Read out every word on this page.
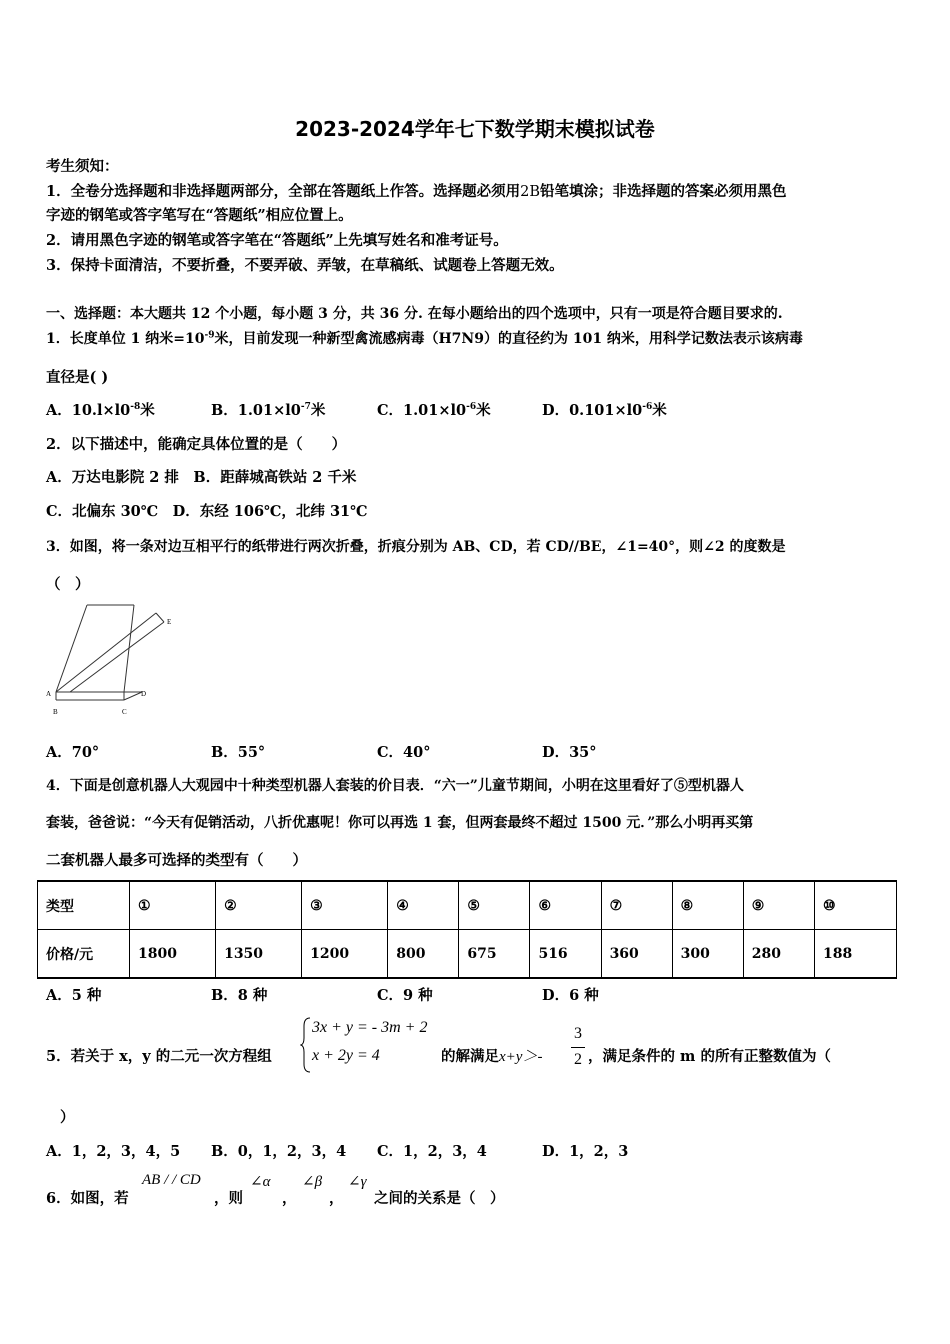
2023-2024学年七下数学期末模拟试卷
考生须知：
1．全卷分选择题和非选择题两部分，全部在答题纸上作答。选择题必须用2B铅笔填涂；非选择题的答案必须用黑色
字迹的钢笔或答字笔写在“答题纸”相应位置上。
2．请用黑色字迹的钢笔或答字笔在“答题纸”上先填写姓名和准考证号。
3．保持卡面清洁，不要折叠，不要弄破、弄皱，在草稿纸、试题卷上答题无效。
一、选择题：本大题共 12 个小题，每小题 3 分，共 36 分. 在每小题给出的四个选项中，只有一项是符合题目要求的.
1．长度单位 1 纳米$=10^{-9}$米，目前发现一种新型禽流感病毒（H7N9）的直径约为 101 纳米，用科学记数法表示该病毒
直径是( )
A．$10.l\times l0^{-8}$米	B．$1.01\times l0^{-7}$米	C．$1.01\times l0^{-6}$米	D．$0.101\times l0^{-6}$米
2．以下描述中，能确定具体位置的是（　　）
A．万达电影院 2 排　B．距薛城高铁站 2 千米
C．北偏东 30℃　D．东经 106℃，北纬 31℃
3．如图，将一条对边互相平行的纸带进行两次折叠，折痕分别为 AB、CD，若 CD//BE，∠1=40°，则∠2 的度数是
（　）
A
B	C
D
E
A．70°	B．55°	C．40°	D．35°
4．下面是创意机器人大观园中十种类型机器人套装的价目表．“六一”儿童节期间，小明在这里看好了⑤型机器人
套装，爸爸说：“今天有促销活动，八折优惠呢！你可以再选 1 套，但两套最终不超过 1500 元．”那么小明再买第
二套机器人最多可选择的类型有（　　）
类型	①	②	③	④	⑤	⑥	⑦	⑧	⑨	⑩
价格/元	1800	1350	1200	800	675	516	360	300	280	188
A．5 种	B．8 种	C．9 种	D．6 种
5．若关于 x，y 的二元一次方程组
3x + y = - 3m + 2
x + 2y = 4	的解满足x+y＞-
3
2 ，满足条件的 m 的所有正整数值为（
）
A．1，2，3，4，5 B．0，1，2，3，4 C．1，2，3，4	D．1，2，3
6．如图，若
AB / / CD
，则
∠α
，
∠β
，
∠γ
之间的关系是（　）
